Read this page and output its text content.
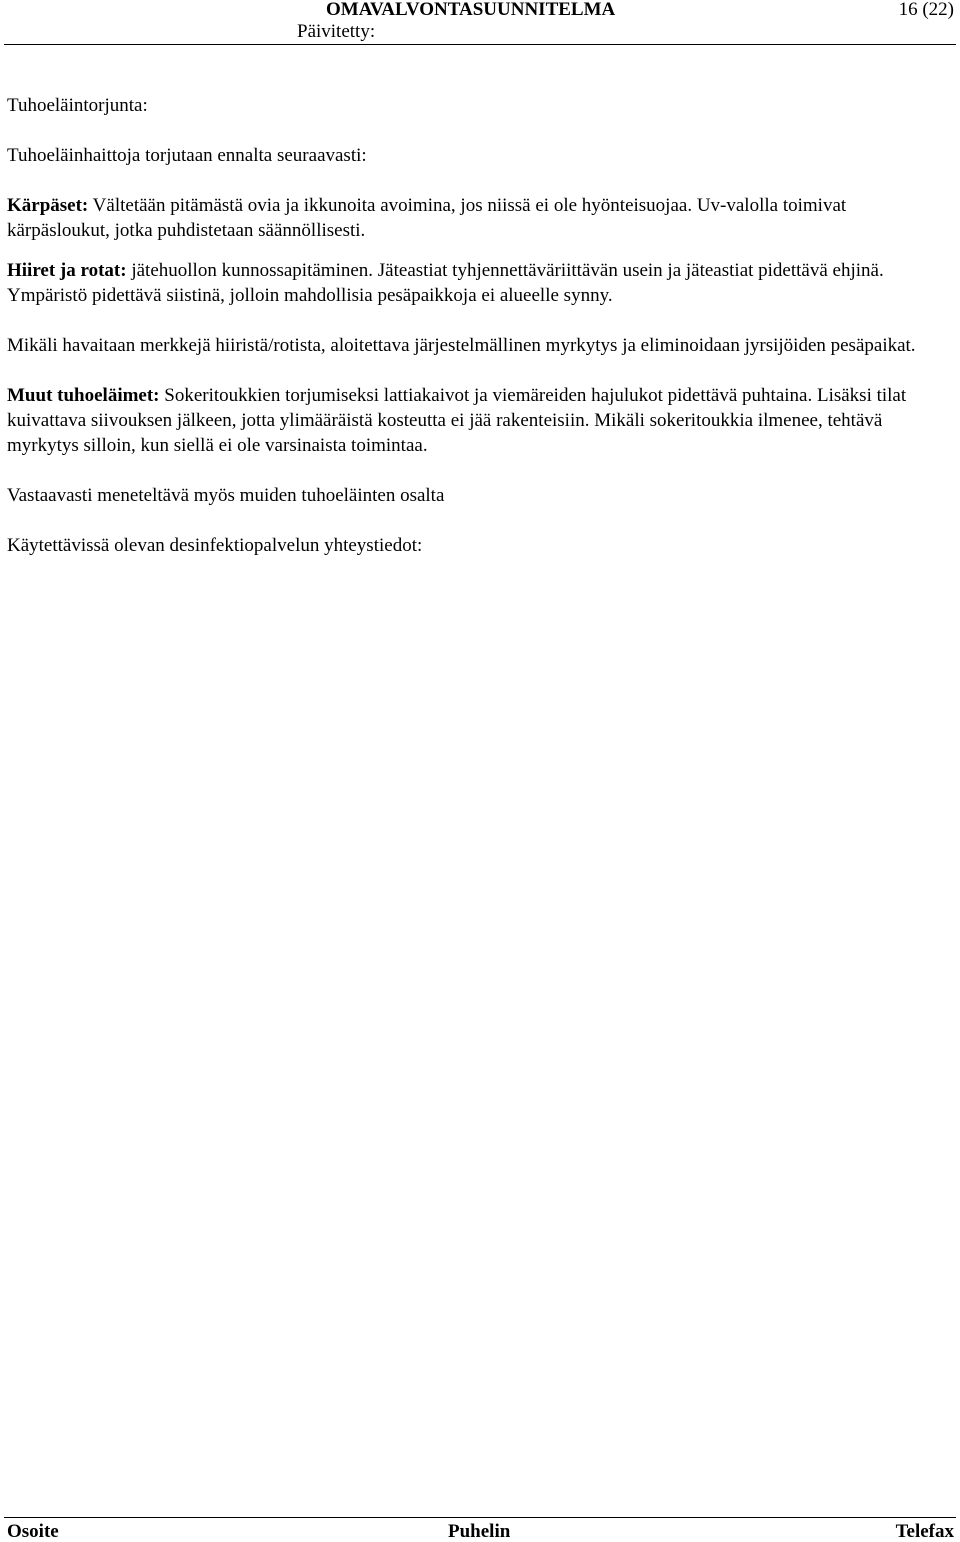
OMAVALVONTASUUNNITELMA	16 (22)
Päivitetty:

Tuhoeläintorjunta:

Tuhoeläinhaittoja torjutaan ennalta seuraavasti:

Kärpäset: Vältetään pitämästä ovia ja ikkunoita avoimina, jos niissä ei ole hyönteisuojaa. Uv-valolla toimivat kärpäsloukut, jotka puhdistetaan säännöllisesti.

Hiiret ja rotat: jätehuollon kunnossapitäminen. Jäteastiat tyhjennettäväriittävän usein ja jäteastiat pidettävä ehjinä. Ympäristö pidettävä siistinä, jolloin mahdollisia pesäpaikkoja ei alueelle synny.

Mikäli havaitaan merkkejä hiiristä/rotista, aloitettava järjestelmällinen myrkytys ja eliminoidaan jyrsijöiden pesäpaikat.

Muut tuhoeläimet: Sokeritoukkien torjumiseksi lattiakaivot ja viemäreiden hajulukot pidettävä puhtaina. Lisäksi tilat kuivattava siivouksen jälkeen, jotta ylimääräistä kosteutta ei jää rakenteisiin. Mikäli sokeritoukkia ilmenee, tehtävä myrkytys silloin, kun siellä ei ole varsinaista toimintaa.

Vastaavasti meneteltävä myös muiden tuhoeläinten osalta

Käytettävissä olevan desinfektiopalvelun yhteystiedot:

Osoite	Puhelin	Telefax
